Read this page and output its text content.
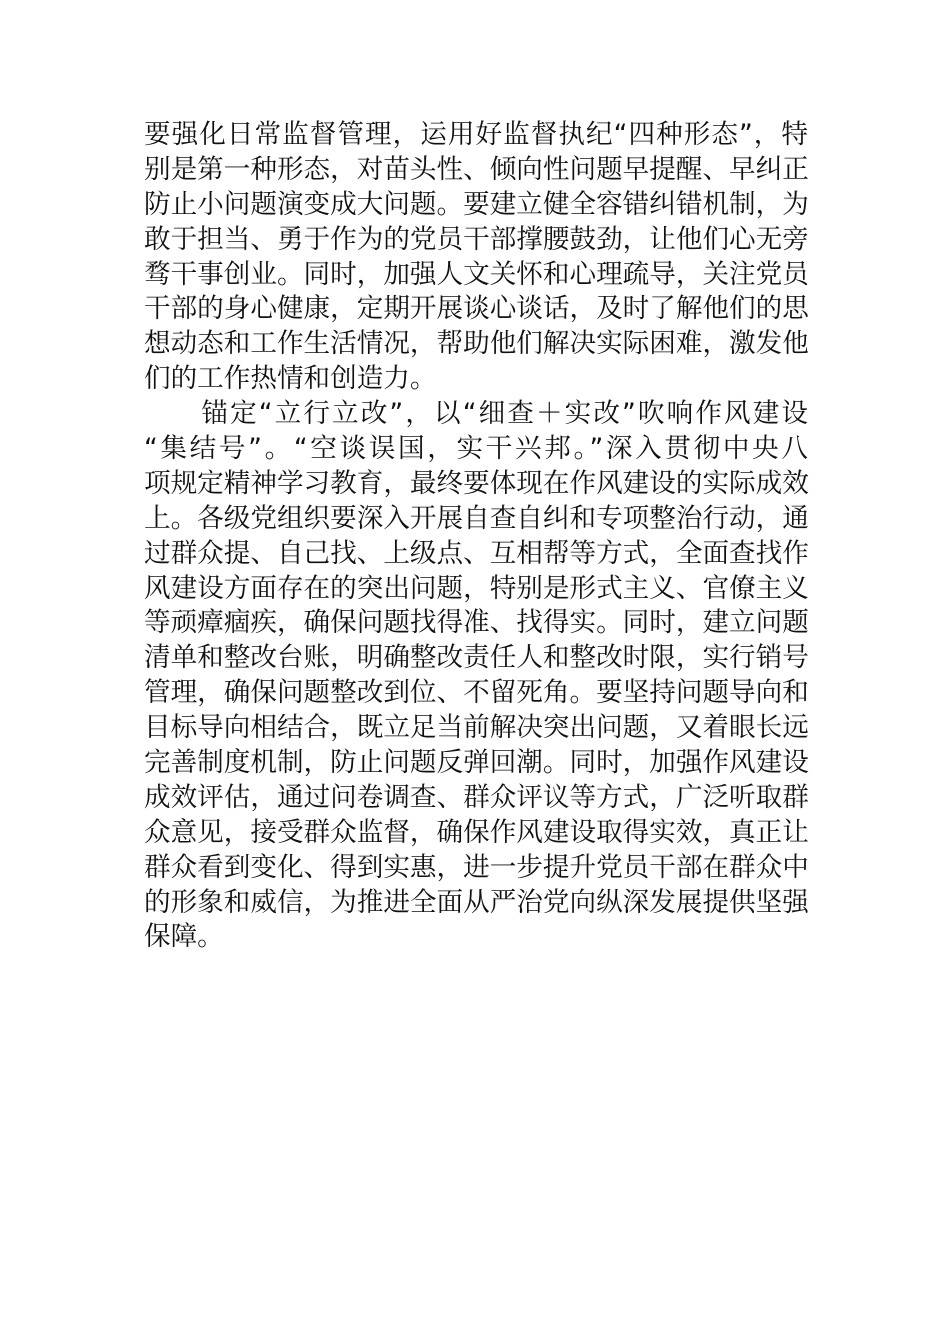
要强化日常监督管理，运用好监督执纪“四种形态”，特
别是第一种形态，对苗头性、倾向性问题早提醒、早纠正
防止小问题演变成大问题。要建立健全容错纠错机制，为
敢于担当、勇于作为的党员干部撑腰鼓劲，让他们心无旁
骛干事创业。同时，加强人文关怀和心理疏导，关注党员
干部的身心健康，定期开展谈心谈话，及时了解他们的思
想动态和工作生活情况，帮助他们解决实际困难，激发他
们的工作热情和创造力。
　　锚定“立行立改”，以“细查＋实改”吹响作风建设
“集结号”。“空谈误国，实干兴邦。”深入贯彻中央八
项规定精神学习教育，最终要体现在作风建设的实际成效
上。各级党组织要深入开展自查自纠和专项整治行动，通
过群众提、自己找、上级点、互相帮等方式，全面查找作
风建设方面存在的突出问题，特别是形式主义、官僚主义
等顽瘴痼疾，确保问题找得准、找得实。同时，建立问题
清单和整改台账，明确整改责任人和整改时限，实行销号
管理，确保问题整改到位、不留死角。要坚持问题导向和
目标导向相结合，既立足当前解决突出问题，又着眼长远
完善制度机制，防止问题反弹回潮。同时，加强作风建设
成效评估，通过问卷调查、群众评议等方式，广泛听取群
众意见，接受群众监督，确保作风建设取得实效，真正让
群众看到变化、得到实惠，进一步提升党员干部在群众中
的形象和威信，为推进全面从严治党向纵深发展提供坚强
保障。
